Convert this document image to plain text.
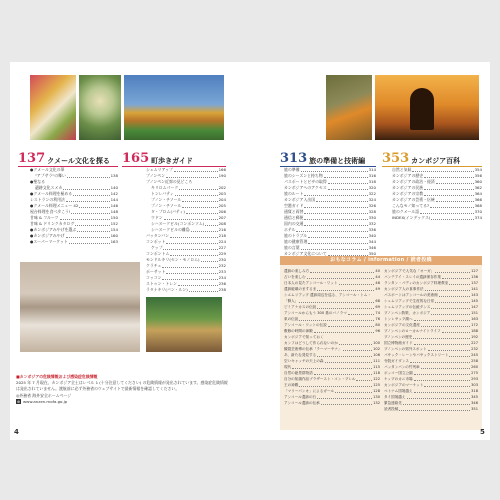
137 クメール文化を探る
●クメール文化の華
"アプサラ"の舞い	138
●聖なる
遺跡文化スメカ	140
●クメール料理を極める	142
レストランの利用法	144
●クメール料理メニュー 42	146
屋台料理を食べ歩こう!	148
甘味 & フルーツ	150
甘味 & ドリンクカタログ	152
●カンボジアみやげを選ぶ	154
●カンボジアみやげ	160
●スーパーマーケット	163
165 町歩きガイド
シェムリアップ	166
プノンペン	190
プノンペン近郊の見どころ
キリロムパーク	202
トンレバティ	203
プノン・チソール	204
プノン・チソール	205
タ・プロム(バティ)	206
ウドン	207
シハヌークビル(コンポンソム)	208
シハヌークビルの離島	216
バッタンバン	218
コンポット	224
ケップ	227
コンポントム	229
モンドルキリ(セン・モノロム)	230
クラチェ	232
ポーサット	233
コッコン	234
ストゥン・トレン	236
ラタナキリ(バン・ルン)	238
313 旅の準備と技術編
旅の準備	314
旅のシーズンと持ち物	316
パスポートとビザの取得	318
カンボジアへのアクセス	320
旅のルート	322
カンボジア入出国	324
空港ガイド	326
通貨と両替	328
通信と郵便	330
国内の交通	332
ホテル	336
旅のトラブル	340
旅の健康管理	344
旅の言葉	346
カンボジア文化について	350
353 カンボジア百科
自然と気候	354
カンボジアの歴史	356
カンボジアの政治・経済	360
カンボジアの民族	362
カンボジアの宗教	364
カンボジアの芸術・伝統	366
こんなモノ知ってる?	368
旅のクメール語	370
INDEX(インデックス)	374
おもなコラム / information / 読者投稿
遺跡の楽しみ方	40
占いを楽しむ	44
日本人の見たアンコール・ワット	46
遺跡破壊のまするま	49
シエムリアップ 遺跡周辺を巡る、アンコール・トム・
「賢人」	68
ピミアナカスの伝説	69
アンコールからもう 300 基のバノラマ	74
象の伝説	76
アンコール・ワットの伝説	80
敷修の時間の神殿	96
カンボジアで知っておく
カンフはどうして作られないのか	100
観賞芸術博の伝承「ラーマーヤナ」	102
あ、新たな発見する	106
空いキャッチの天上の森	111
現代	115
自然の絶景群物語	118
自分の知識作品ブラザースト・コン・プレル	122
王の神殿	125
「マリーパンオ」によるガール	128
アンコール遺跡の石	130
アンコール遺跡の伝承	132
カンボジアで人気な「オーガ」	127
バンテアイ・スレイの遺跡保存作業	136
ランタン・パディのカンボジア料理教室	137
カンボジア人の食事作法	141
パスポートはアンコールの美術館	143
シェムリアップで生産的な日常	145
シェムリアップの伝統ダンス	147
プノンペン散策、カンボジア	151
トンレサップ湖へ	163
カンボジアの文化遺産	172
プノンペンのローカルナイトライフ	188
プノンペンの歴史	192
国立博物館ガイド	227
プノンペンの郊外スポット	232
バサック・レーンやバサックストリート	245
寺院ガイダンス	258
バッタンバンの竹列車	260
ボッコー国立公園	275
ケップのカニ市場	293
カンボジアのマーケット	303
ベトナム国境越え	318
タイ国境越え	345
緊急連絡先	346
読者投稿	351
■カンボジアの危険情報および感染症危険情報
2025 年 7 月現在、カンボジア全土はレベル 1 (十分注意してください) の危険情報が発出されています。感染症危険情報は発出されていません。渡航前に必ず外務省のウェブサイトで最新情報を確認してください。
◎外務省 海外安全ホームページ
⊕ www.anzen.mofa.go.jp
4	5
